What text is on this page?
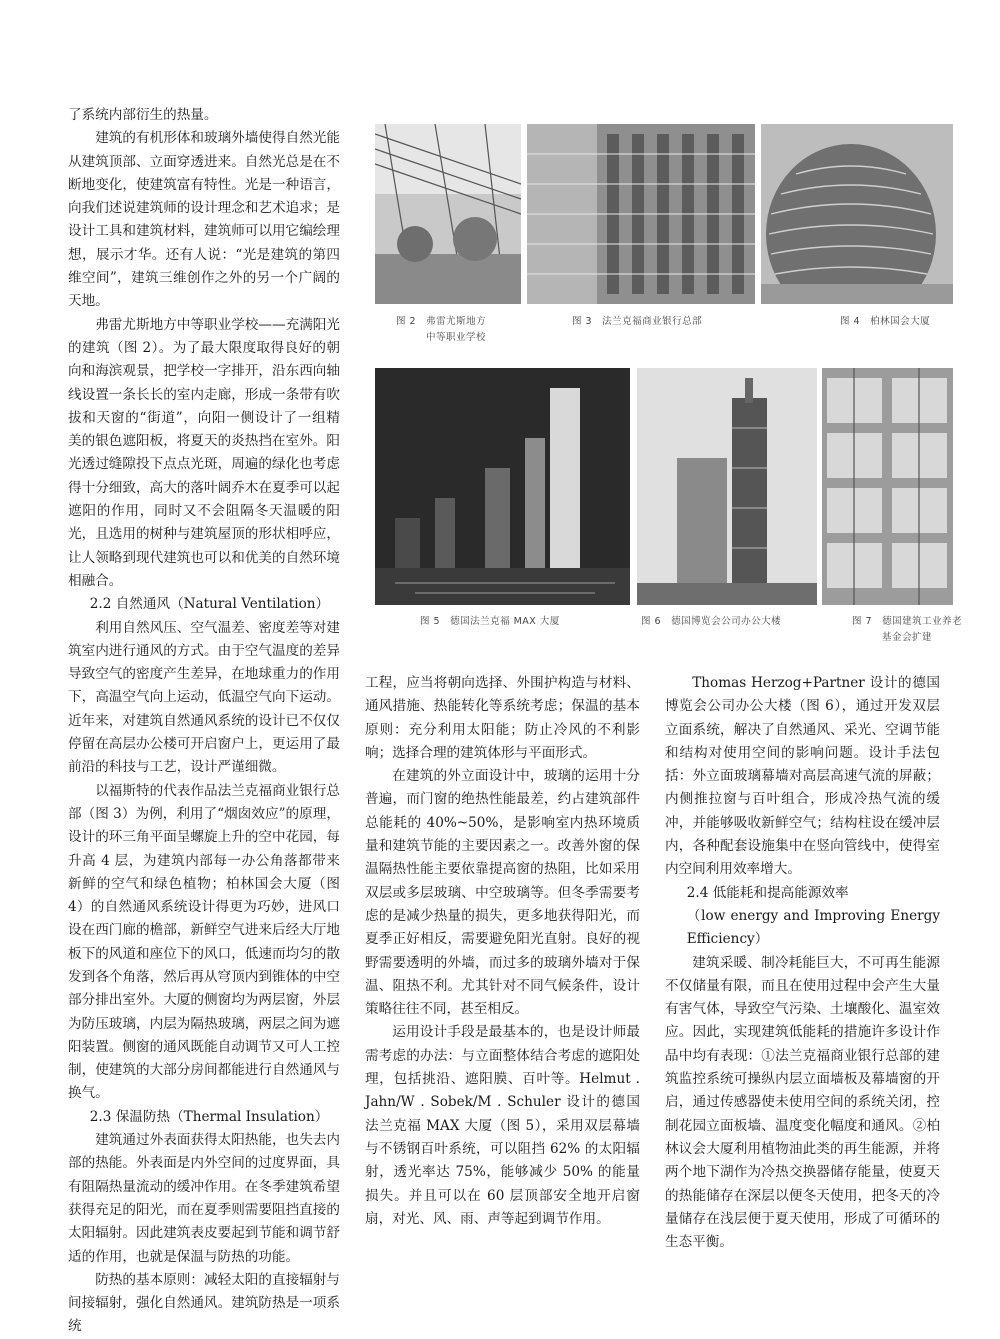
了系统内部衍生的热量。

建筑的有机形体和玻璃外墙使得自然光能从建筑顶部、立面穿透进来。自然光总是在不断地变化，使建筑富有特性。光是一种语言，向我们述说建筑师的设计理念和艺术追求；是设计工具和建筑材料，建筑师可以用它编绘理想，展示才华。还有人说：“光是建筑的第四维空间”，建筑三维创作之外的另一个广阔的天地。

弗雷尤斯地方中等职业学校——充满阳光的建筑（图 2）。为了最大限度取得良好的朝向和海滨观景，把学校一字排开，沿东西向轴线设置一条长长的室内走廊，形成一条带有吹拔和天窗的“街道”，向阳一侧设计了一组精美的银色遮阳板，将夏天的炎热挡在室外。阳光透过缝隙投下点点光斑，周遍的绿化也考虑得十分细致，高大的落叶阔乔木在夏季可以起遮阳的作用，同时又不会阻隔冬天温暖的阳光，且选用的树种与建筑屋顶的形状相呼应，让人领略到现代建筑也可以和优美的自然环境相融合。

2.2 自然通风（Natural Ventilation）

利用自然风压、空气温差、密度差等对建筑室内进行通风的方式。由于空气温度的差异导致空气的密度产生差异，在地球重力的作用下，高温空气向上运动，低温空气向下运动。近年来，对建筑自然通风系统的设计已不仅仅停留在高层办公楼可开启窗户上，更运用了最前沿的科技与工艺，设计严谨细微。

以福斯特的代表作品法兰克福商业银行总部（图 3）为例，利用了“烟囱效应”的原理，设计的环三角平面呈螺旋上升的空中花园，每升高 4 层，为建筑内部每一办公角落都带来新鲜的空气和绿色植物；柏林国会大厦（图 4）的自然通风系统设计得更为巧妙，进风口设在西门廊的檐部，新鲜空气进来后经大厅地板下的风道和座位下的风口，低速而均匀的散发到各个角落，然后再从穹顶内到锥体的中空部分排出室外。大厦的侧窗均为两层窗，外层为防压玻璃，内层为隔热玻璃，两层之间为遮阳装置。侧窗的通风既能自动调节又可人工控制，使建筑的大部分房间都能进行自然通风与换气。

2.3 保温防热（Thermal Insulation）

建筑通过外表面获得太阳热能，也失去内部的热能。外表面是内外空间的过度界面，具有阻隔热量流动的缓冲作用。在冬季建筑希望获得充足的阳光，而在夏季则需要阻挡直接的太阳辐射。因此建筑表皮要起到节能和调节舒适的作用，也就是保温与防热的功能。

防热的基本原则：减轻太阳的直接辐射与间接辐射，强化自然通风。建筑防热是一项系统

图 2　弗雷尤斯地方
中等职业学校
图 3　法兰克福商业银行总部	图 4　柏林国会大厦
图 5　德国法兰克福 MAX 大厦	图 6　德国博览会公司办公大楼	图 7　德国建筑工业养老
基金会扩建

工程，应当将朝向选择、外围护构造与材料、通风措施、热能转化等系统考虑；保温的基本原则：充分利用太阳能；防止冷风的不利影响；选择合理的建筑体形与平面形式。

在建筑的外立面设计中，玻璃的运用十分普遍，而门窗的绝热性能最差，约占建筑部件总能耗的 40%~50%，是影响室内热环境质量和建筑节能的主要因素之一。改善外窗的保温隔热性能主要依靠提高窗的热阻，比如采用双层或多层玻璃、中空玻璃等。但冬季需要考虑的是减少热量的损失，更多地获得阳光，而夏季正好相反，需要避免阳光直射。良好的视野需要透明的外墙，而过多的玻璃外墙对于保温、阻热不利。尤其针对不同气候条件，设计策略往往不同，甚至相反。

运用设计手段是最基本的，也是设计师最需考虑的办法：与立面整体结合考虑的遮阳处理，包括挑沿、遮阳膜、百叶等。Helmut . Jahn/W . Sobek/M . Schuler 设计的德国法兰克福 MAX 大厦（图 5），采用双层幕墙与不锈钢百叶系统，可以阻挡 62% 的太阳辐射，透光率达 75%，能够减少 50% 的能量损失。并且可以在 60 层顶部安全地开启窗扇，对光、风、雨、声等起到调节作用。

Thomas Herzog+Partner 设计的德国博览会公司办公大楼（图 6），通过开发双层立面系统，解决了自然通风、采光、空调节能和结构对使用空间的影响问题。设计手法包括：外立面玻璃幕墙对高层高速气流的屏蔽；内侧推拉窗与百叶组合，形成冷热气流的缓冲，并能够吸收新鲜空气；结构柱设在缓冲层内，各种配套设施集中在竖向管线中，使得室内空间利用效率增大。

2.4 低能耗和提高能源效率
（low energy and Improving Energy Efficiency）

建筑采暖、制冷耗能巨大，不可再生能源不仅储量有限，而且在使用过程中会产生大量有害气体，导致空气污染、土壤酸化、温室效应。因此，实现建筑低能耗的措施许多设计作品中均有表现：①法兰克福商业银行总部的建筑监控系统可操纵内层立面墙板及幕墙窗的开启，通过传感器使未使用空间的系统关闭，控制花园立面板墙、温度变化幅度和通风。②柏林议会大厦利用植物油此类的再生能源，并将两个地下湖作为冷热交换器储存能量，使夏天的热能储存在深层以便冬天使用，把冬天的冷量储存在浅层便于夏天使用，形成了可循环的生态平衡。
